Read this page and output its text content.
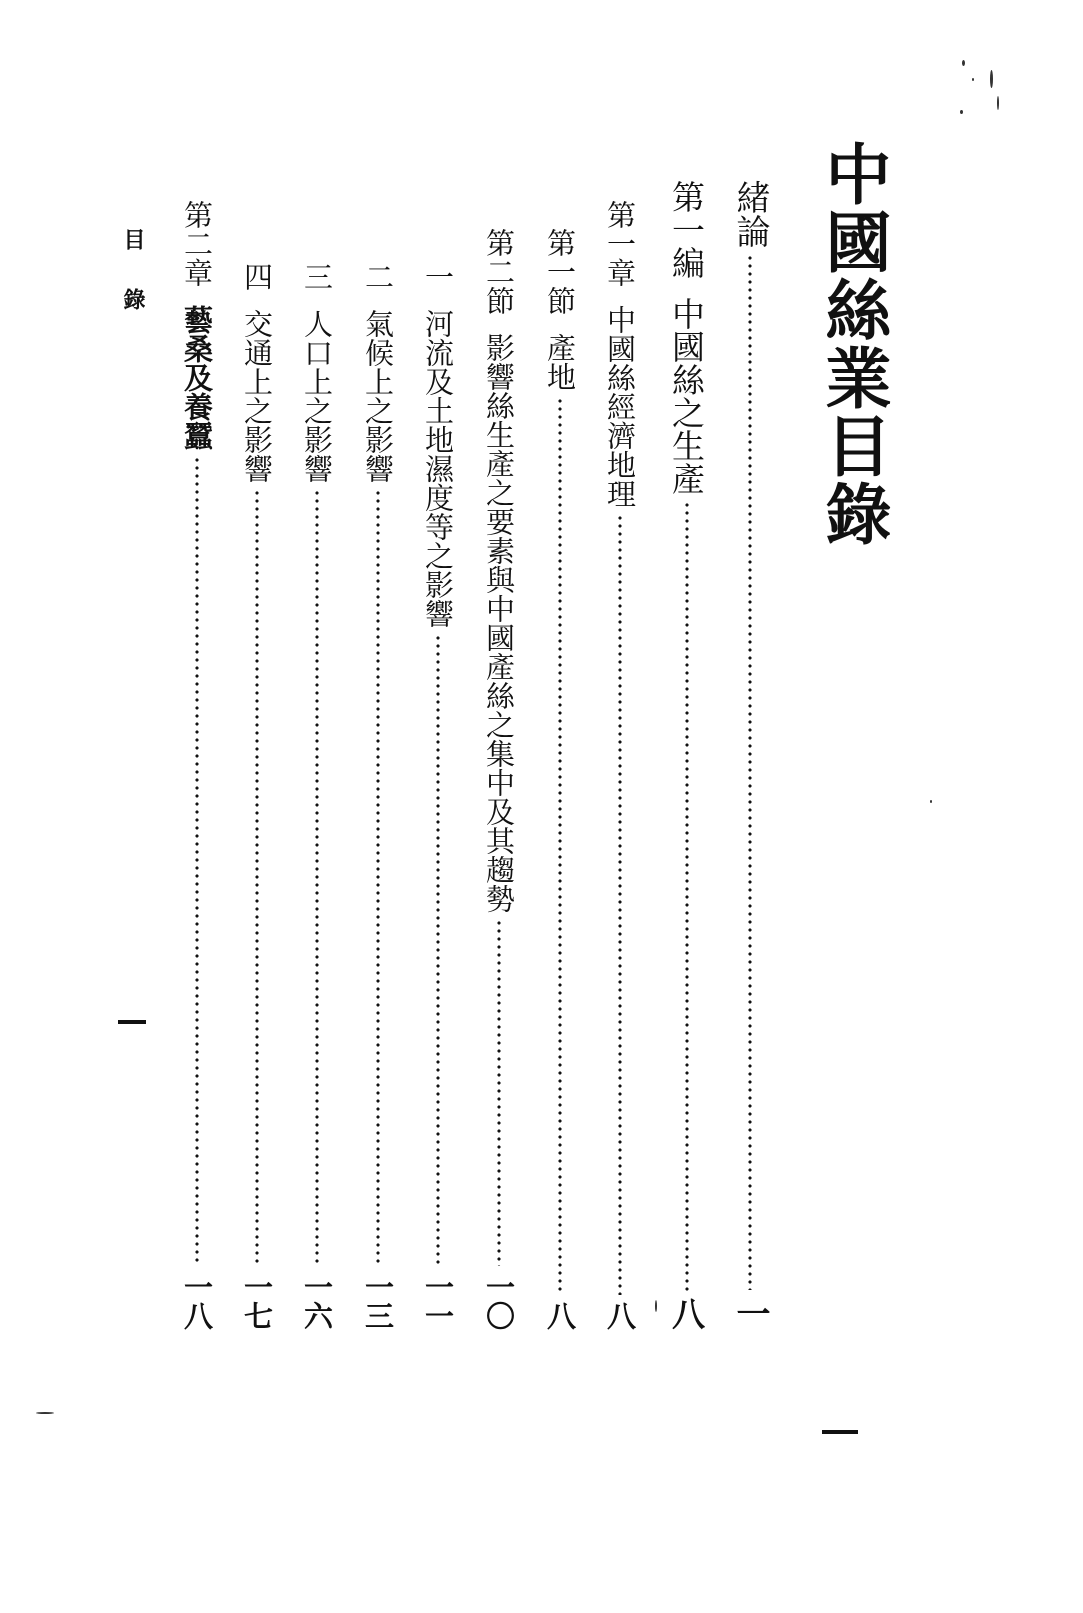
中國絲業目錄
緒論
一
第一編
中國絲之生產
八
第一章
中國絲經濟地理
八
第一節
產地
八
第二節
影響絲生產之要素與中國產絲之集中及其趨勢
一〇
一
河流及土地濕度等之影響
一一
二
氣候上之影響
一三
三
人口上之影響
一六
四
交通上之影響
一七
第二章
藝桑及養蠶
一八
目錄
